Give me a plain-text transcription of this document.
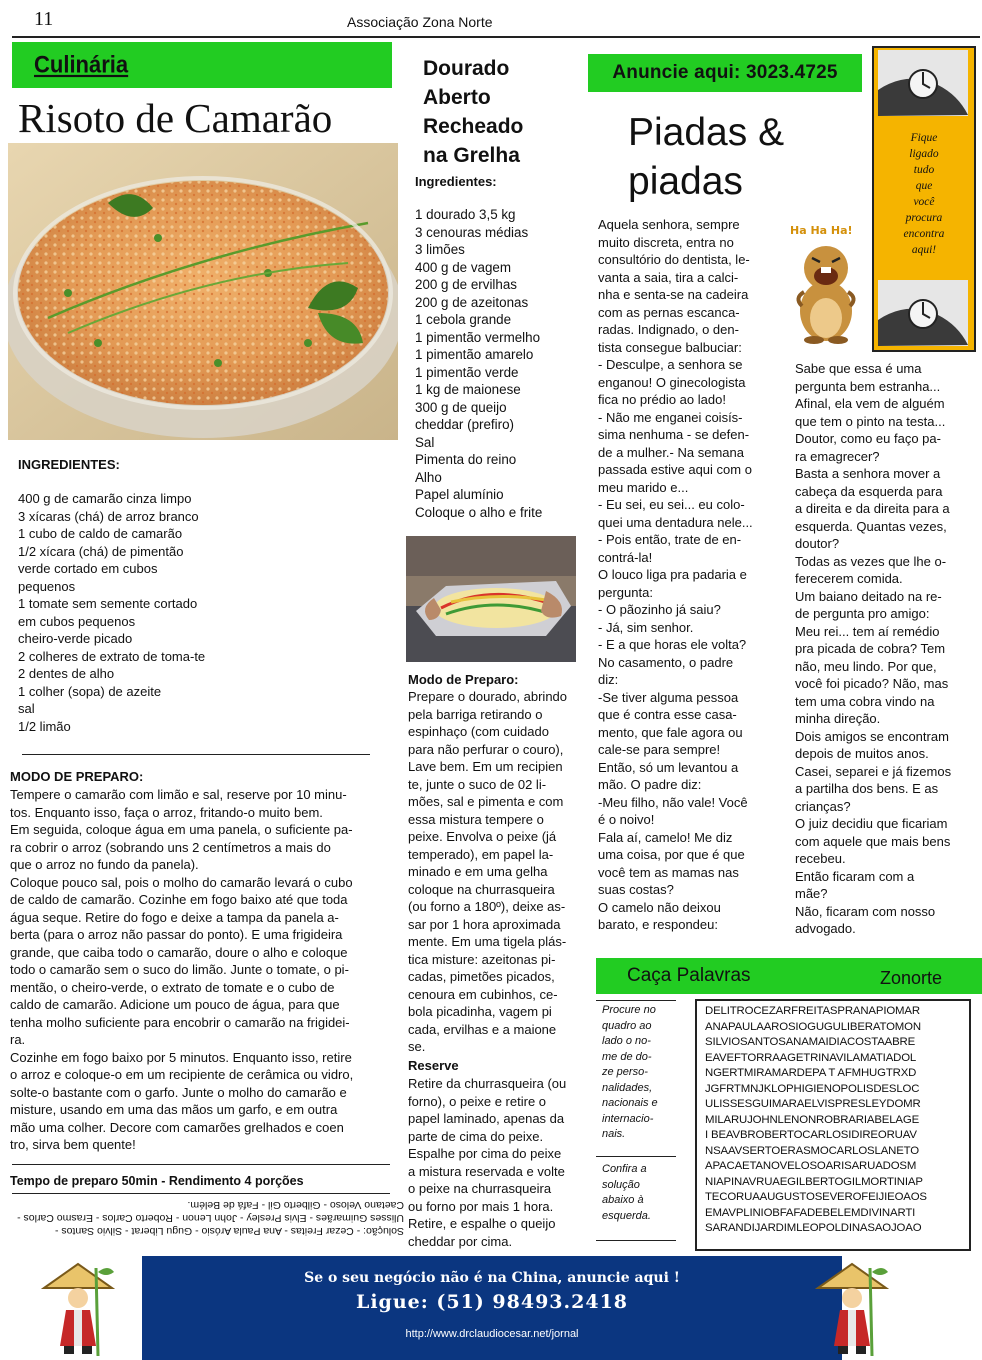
11	Associação Zona Norte
Culinária
Risoto de Camarão
INGREDIENTES:
400 g de camarão cinza limpo
3 xícaras (chá) de arroz branco
1 cubo de caldo de camarão
1/2 xícara (chá) de pimentão
verde cortado em cubos
pequenos
1 tomate sem semente cortado
em cubos pequenos
cheiro-verde picado
2 colheres de extrato de toma-te
2 dentes de alho
1 colher (sopa) de azeite
sal
1/2 limão
MODO DE PREPARO:
Tempere o camarão com limão e sal, reserve por 10 minu-
tos. Enquanto isso, faça o arroz, fritando-o muito bem.
Em seguida, coloque água em uma panela, o suficiente pa-
ra cobrir o arroz (sobrando uns 2 centímetros a mais do
que o arroz no fundo da panela).
Coloque pouco sal, pois o molho do camarão levará o cubo
de caldo de camarão. Cozinhe em fogo baixo até que toda
água seque. Retire do fogo e deixe a tampa da panela a-
berta (para o arroz não passar do ponto). E uma frigideira
grande, que caiba todo o camarão, doure o alho e coloque
todo o camarão sem o suco do limão. Junte o tomate, o pi-
mentão, o cheiro-verde, o extrato de tomate e o cubo de
caldo de camarão. Adicione um pouco de água, para que
tenha molho suficiente para encobrir o camarão na frigidei-
ra.
Cozinhe em fogo baixo por 5 minutos. Enquanto isso, retire
o arroz e coloque-o em um recipiente de cerâmica ou vidro,
solte-o bastante com o garfo. Junte o molho do camarão e
misture, usando em uma das mãos um garfo, e em outra
mão uma colher. Decore com camarões grelhados e coen
tro, sirva bem quente!
Tempo de preparo 50min - Rendimento 4 porções
Solução: - Cezar Freitas - Ana Paula Arósio - Gugu Liberat - Silvio Santos -
Ulisses Guimarães - Elvis Presley - John Lenon - Roberto Carlos - Erasmo Carlos -
Caetano Veloso - Gilberto Gil - Fafá de Belém.
Dourado
Aberto
Recheado
na Grelha
Ingredientes:
1 dourado 3,5 kg
3 cenouras médias
3 limões
400 g de vagem
200 g de ervilhas
200 g de azeitonas
1 cebola grande
1 pimentão vermelho
1 pimentão amarelo
1 pimentão verde
1 kg de maionese
300 g de queijo
cheddar (prefiro)
Sal
Pimenta do reino
Alho
Papel alumínio
Coloque o alho e frite
Modo de Preparo:
Prepare o dourado, abrindo
pela barriga retirando o
espinhaço (com cuidado
para não perfurar o couro),
Lave bem. Em um recipien
te, junte o suco de 02 li-
mões, sal e pimenta e com
essa mistura tempere o
peixe. Envolva o peixe (já
temperado), em papel la-
minado e em uma gelha
coloque na churrasqueira
(ou forno a 180º), deixe as-
sar por 1 hora aproximada
mente. Em uma tigela plás-
tica misture: azeitonas pi-
cadas, pimetões picados,
cenoura em cubinhos, ce-
bola picadinha, vagem pi
cada, ervilhas e a maione
se.
Reserve
Retire da churrasqueira (ou
forno), o peixe e retire o
papel laminado, apenas da
parte de cima do peixe.
Espalhe por cima do peixe
a mistura reservada e volte
o peixe na churrasqueira
ou forno por mais 1 hora.
Retire, e espalhe o queijo
cheddar por cima.
Anuncie aqui: 3023.4725
Piadas &
piadas
Aquela senhora, sempre
muito discreta, entra no
consultório do dentista, le-
vanta a saia, tira a calci-
nha e senta-se na cadeira
com as pernas escanca-
radas. Indignado, o den-
tista consegue balbuciar:
- Desculpe, a senhora se
enganou! O ginecologista
fica no prédio ao lado!
- Não me enganei coisís-
sima nenhuma - se defen-
de a mulher.- Na semana
passada estive aqui com o
meu marido e...
- Eu sei, eu sei... eu colo-
quei uma dentadura nele...
- Pois então, trate de en-
contrá-la!
O louco liga pra padaria e
pergunta:
- O pãozinho já saiu?
- Já, sim senhor.
- E a que horas ele volta?
No casamento, o padre
diz:
-Se tiver alguma pessoa
que é contra esse casa-
mento, que fale agora ou
cale-se para sempre!
Então, só um levantou a
mão. O padre diz:
-Meu filho, não vale! Você
é o noivo!
Fala aí, camelo! Me diz
uma coisa, por que é que
você tem as mamas nas
suas costas?
O camelo não deixou
barato, e respondeu:
Ha Ha Ha!
Sabe que essa é uma
pergunta bem estranha...
Afinal, ela vem de alguém
que tem o pinto na testa...
Doutor, como eu faço pa-
ra emagrecer?
Basta a senhora mover a
cabeça da esquerda para
a direita e da direita para a
esquerda. Quantas vezes,
doutor?
Todas as vezes que lhe o-
ferecerem comida.
Um baiano deitado na re-
de pergunta pro amigo:
Meu rei... tem aí remédio
pra picada de cobra? Tem
não, meu lindo. Por que,
você foi picado? Não, mas
tem uma cobra vindo na
minha direção.
Dois amigos se encontram
depois de muitos anos.
Casei, separei e já fizemos
a partilha dos bens. E as
crianças?
O juiz decidiu que ficariam
com aquele que mais bens
recebeu.
Então ficaram com a
mãe?
Não, ficaram com nosso
advogado.
Fique
ligado
tudo
que
você
procura
encontra
aqui!
Caça Palavras	Zonorte
Procure no
quadro ao
lado o no-
me de do-
ze perso-
nalidades,
nacionais e
internacio-
nais.
Confira a
solução
abaixo à
esquerda.
DELITROCEZARFREITASPRANAPIOMAR
ANAPAULAAROSIOGUGULIBERATOMON
SILVIOSANTOSANAMAIDIACOSTAABRE
EAVEFTORRAAGETRINAVILAMATIADOL
NGERTMIRAMARDEPA T AFMHUGTRXD
JGFRTMNJKLOPHIGIENOPOLISDESLOC
ULISSESGUIMARAELVISPRESLEYDOMR
MILARUJOHNLENONROBRARIABELAGE
I BEAVBROBERTOCARLOSIDIREORUAV
NSAAVSERTOERASMOCARLOSLANETO
APACAETANOVELOSOARISARUADOSM
NIAPINAVRUAEGILBERTOGILMORTINIAP
TECORUAAUGUSTOSEVEROFEIJIEOAOS
EMAVPLINIOBFAFADEBELEMDIVINARTI
SARANDIJARDIMLEOPOLDINASAOJOAO
Se o seu negócio não é na China, anuncie aqui !
Ligue: (51) 98493.2418
http://www.drclaudiocesar.net/jornal
